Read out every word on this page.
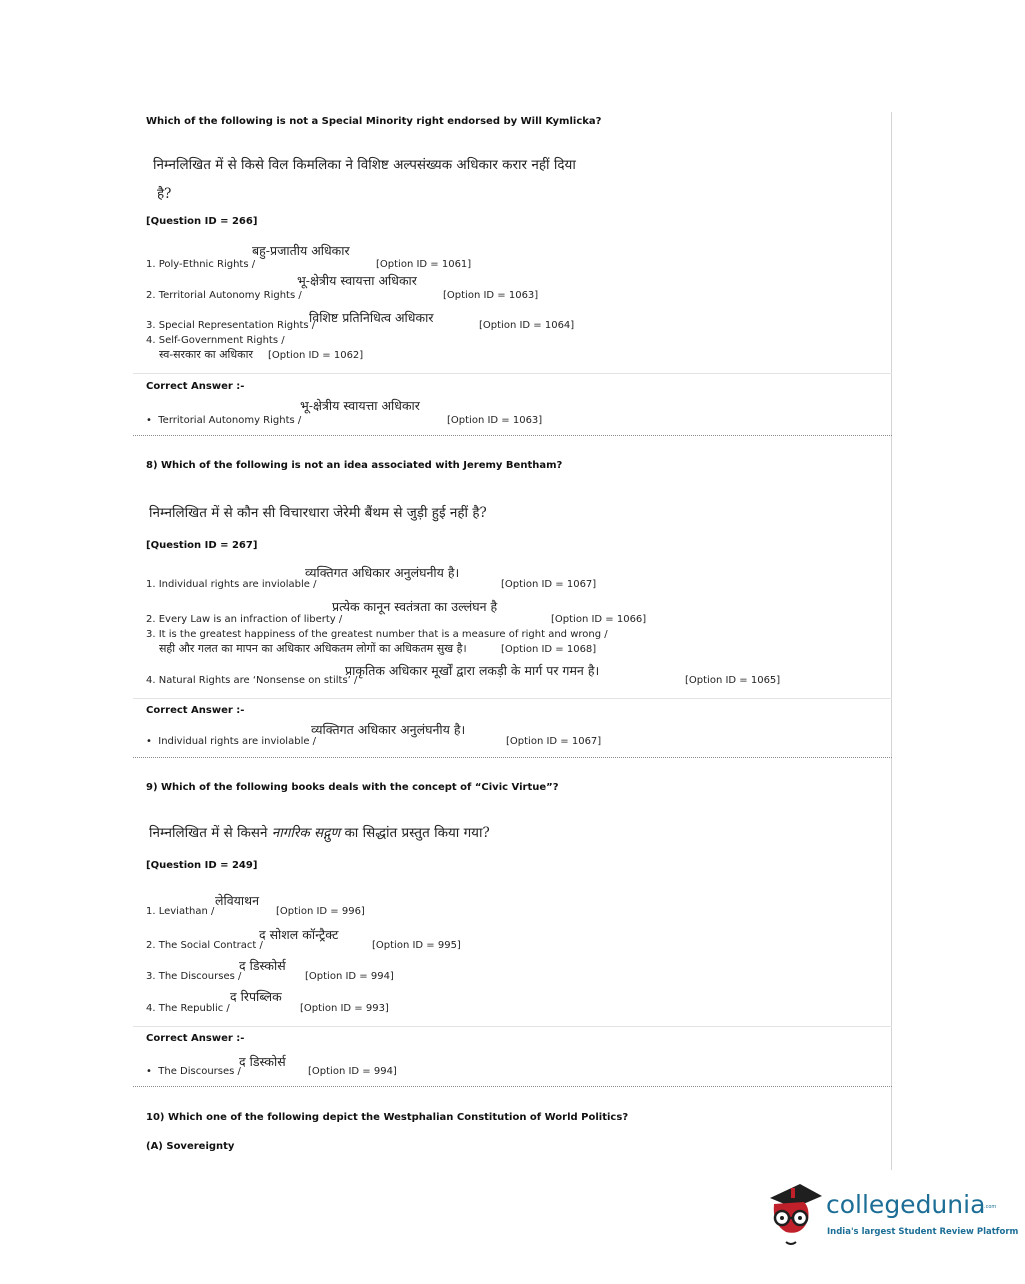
Which of the following is not a Special Minority right endorsed by Will Kymlicka?
निम्नलिखित में से किसे विल किमलिका ने विशिष्ट अल्पसंख्यक अधिकार करार नहीं दिया
है?
[Question ID = 266]
1. Poly-Ethnic Rights /
बहु-प्रजातीय अधिकार
[Option ID = 1061]
2. Territorial Autonomy Rights /
भू-क्षेत्रीय स्वायत्ता अधिकार
[Option ID = 1063]
3. Special Representation Rights /
विशिष्ट प्रतिनिधित्व अधिकार
[Option ID = 1064]
4. Self-Government Rights /
स्व-सरकार का अधिकार [Option ID = 1062]
Correct Answer :-
•  Territorial Autonomy Rights /
भू-क्षेत्रीय स्वायत्ता अधिकार
[Option ID = 1063]
8) Which of the following is not an idea associated with Jeremy Bentham?
निम्नलिखित में से कौन सी विचारधारा जेरेमी बैंथम से जुड़ी हुई नहीं है?
[Question ID = 267]
1. Individual rights are inviolable /
व्यक्तिगत अधिकार अनुलंघनीय है।
[Option ID = 1067]
2. Every Law is an infraction of liberty /
प्रत्येक कानून स्वतंत्रता का उल्लंघन है
[Option ID = 1066]
3. It is the greatest happiness of the greatest number that is a measure of right and wrong /
सही और गलत का मापन का अधिकार अधिकतम लोगों का अधिकतम सुख है।	[Option ID = 1068]
4. Natural Rights are ‘Nonsense on stilts’ /
प्राकृतिक अधिकार मूर्खों द्वारा लकड़ी के मार्ग पर गमन है।
[Option ID = 1065]
Correct Answer :-
•  Individual rights are inviolable /
व्यक्तिगत अधिकार अनुलंघनीय है।
[Option ID = 1067]
9) Which of the following books deals with the concept of “Civic Virtue”?
निम्नलिखित में से किसने नागरिक सद्गुण का सिद्धांत प्रस्तुत किया गया?
[Question ID = 249]
1. Leviathan /
लेवियाथन
[Option ID = 996]
2. The Social Contract /
द सोशल कॉन्ट्रैक्ट
[Option ID = 995]
3. The Discourses /
द डिस्कोर्स
[Option ID = 994]
4. The Republic /
द रिपब्लिक
[Option ID = 993]
Correct Answer :-
•  The Discourses /
द डिस्कोर्स
[Option ID = 994]
10) Which one of the following depict the Westphalian Constitution of World Politics?
(A) Sovereignty
collegedunia
.com
India's largest Student Review Platform
